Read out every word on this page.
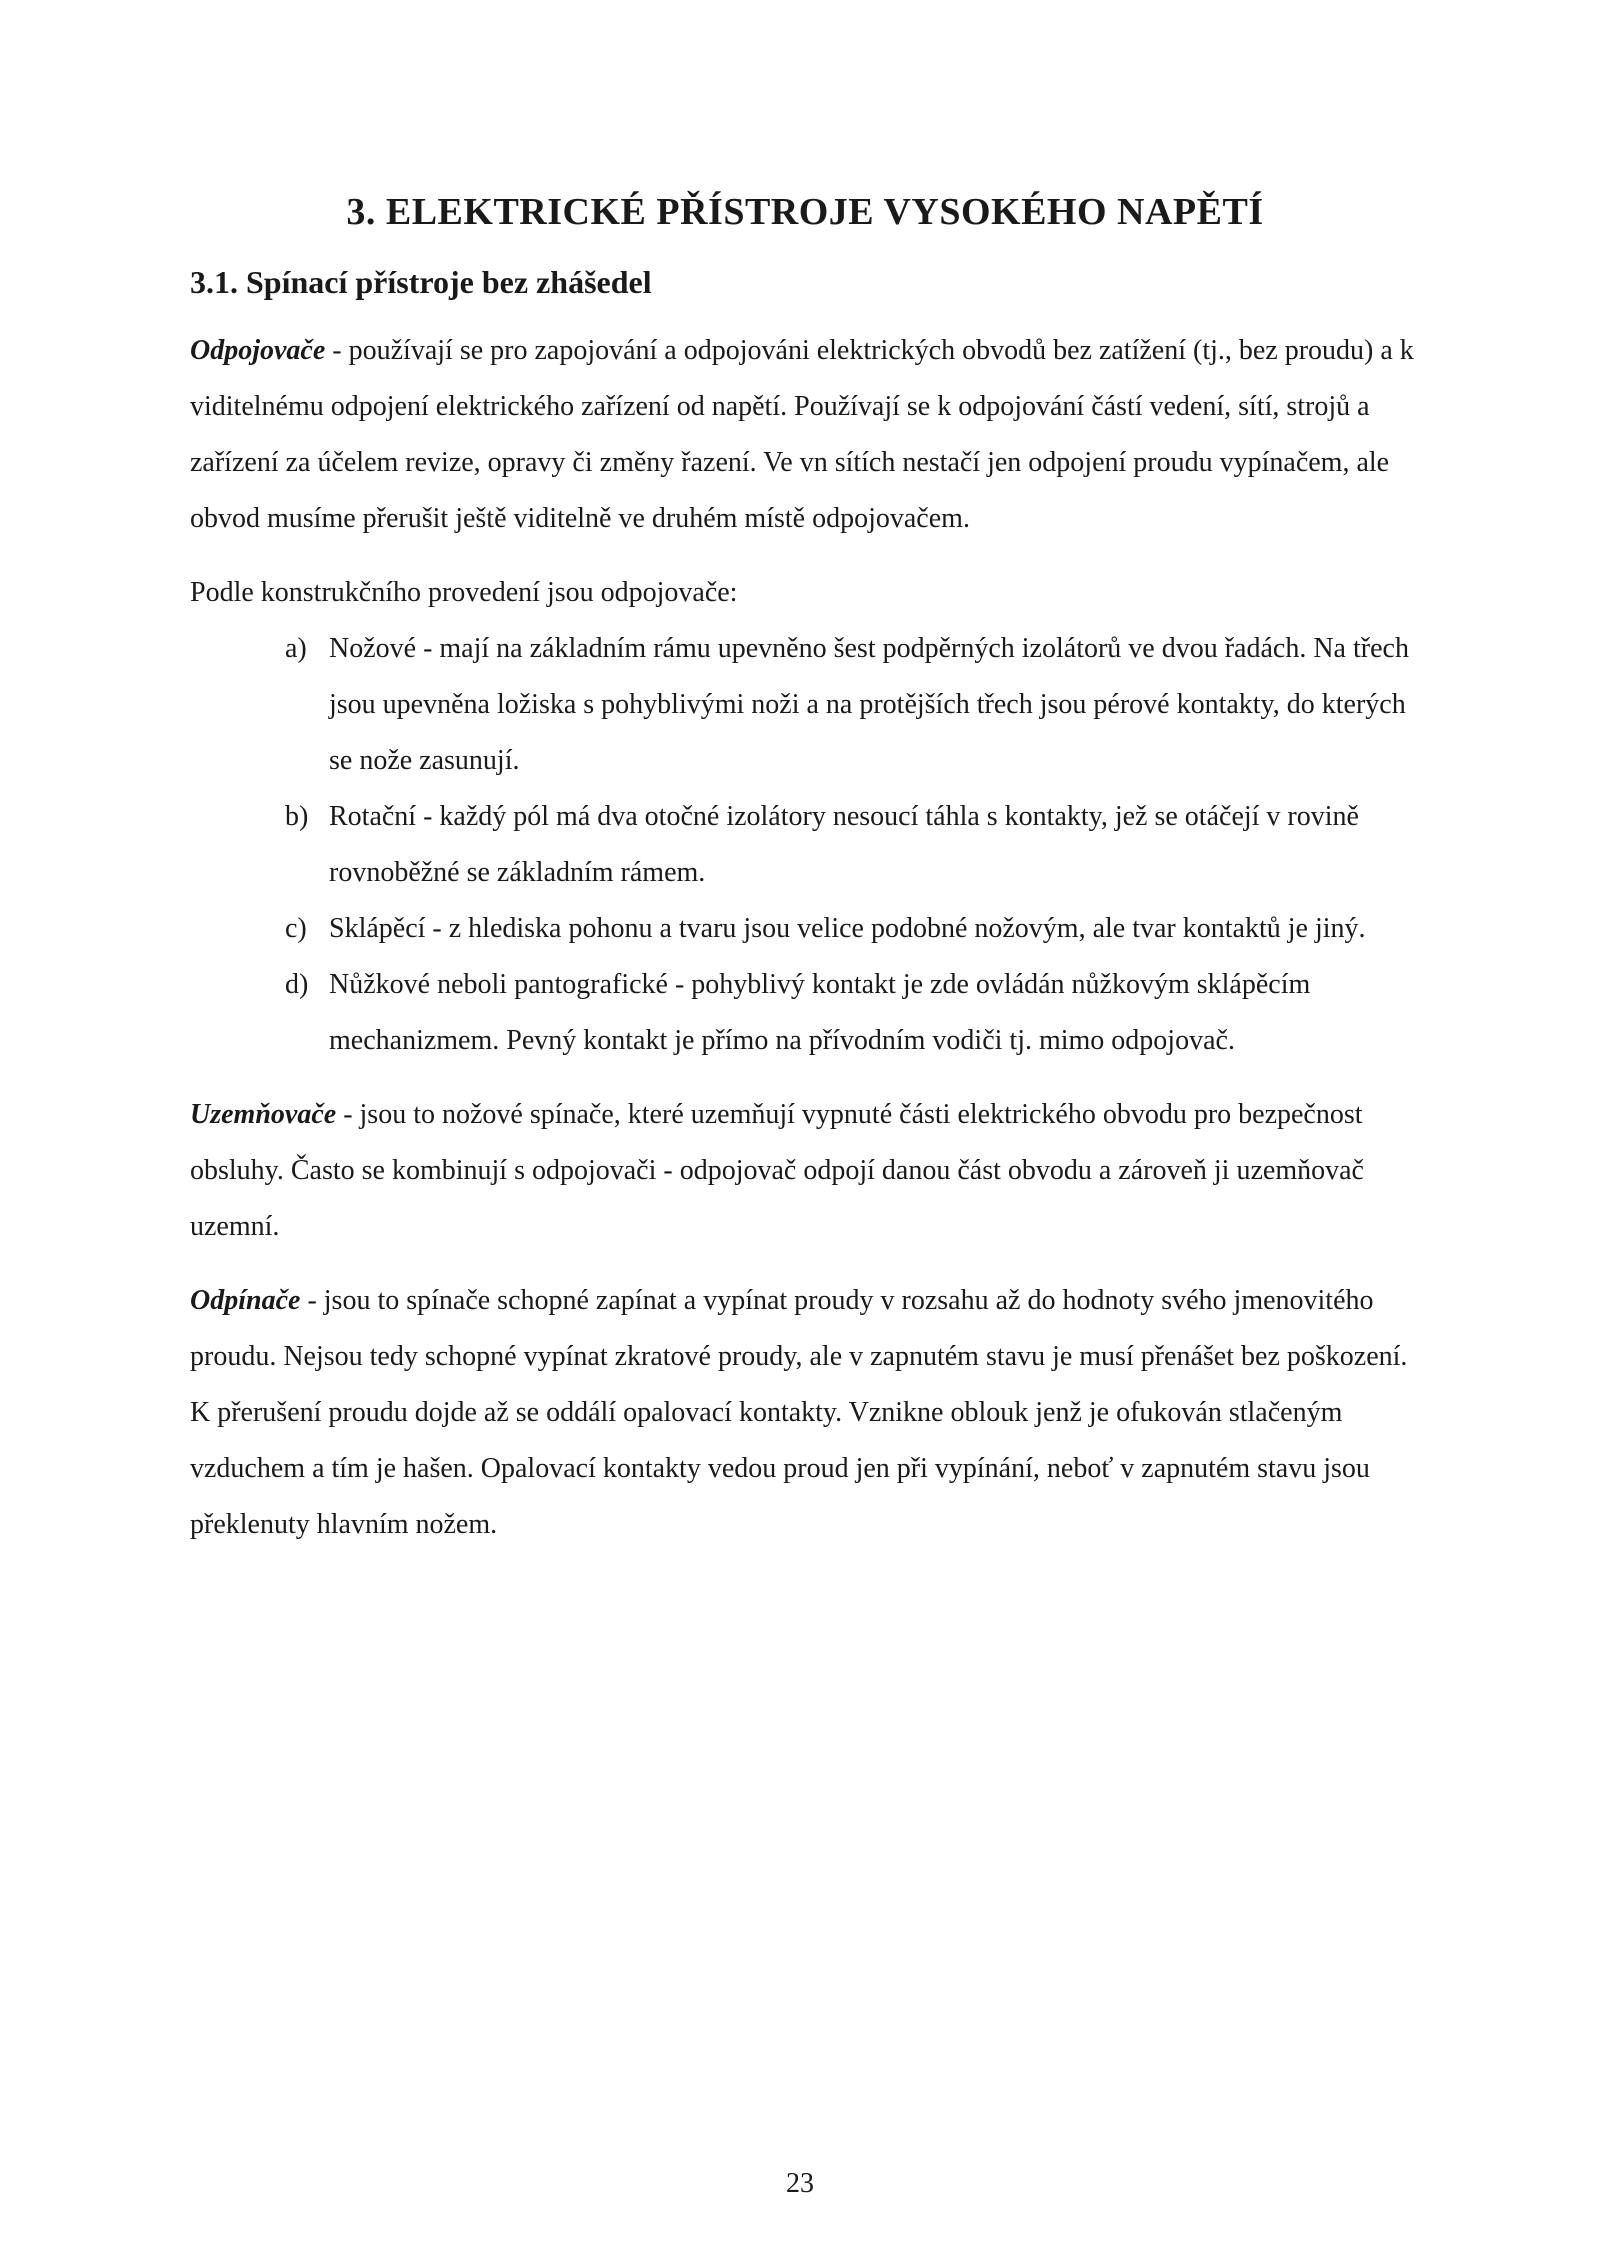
3. ELEKTRICKÉ PŘÍSTROJE VYSOKÉHO NAPĚTÍ
3.1. Spínací přístroje bez zhášedel

Odpojovače - používají se pro zapojování a odpojováni elektrických obvodů bez zatížení (tj., bez proudu) a k viditelnému odpojení elektrického zařízení od napětí. Používají se k odpojování částí vedení, sítí, strojů a zařízení za účelem revize, opravy či změny řazení. Ve vn sítích nestačí jen odpojení proudu vypínačem, ale obvod musíme přerušit ještě viditelně ve druhém místě odpojovačem.

Podle konstrukčního provedení jsou odpojovače:

a) Nožové - mají na základním rámu upevněno šest podpěrných izolátorů ve dvou řadách. Na třech jsou upevněna ložiska s pohyblivými noži a na protějších třech jsou pérové kontakty, do kterých se nože zasunují.
b) Rotační - každý pól má dva otočné izolátory nesoucí táhla s kontakty, jež se otáčejí v rovině rovnoběžné se základním rámem.
c) Sklápěcí - z hlediska pohonu a tvaru jsou velice podobné nožovým, ale tvar kontaktů je jiný.
d) Nůžkové neboli pantografické - pohyblivý kontakt je zde ovládán nůžkovým sklápěcím mechanizmem. Pevný kontakt je přímo na přívodním vodiči tj. mimo odpojovač.

Uzemňovače - jsou to nožové spínače, které uzemňují vypnuté části elektrického obvodu pro bezpečnost obsluhy. Často se kombinují s odpojovači - odpojovač odpojí danou část obvodu a zároveň ji uzemňovač uzemní.

Odpínače - jsou to spínače schopné zapínat a vypínat proudy v rozsahu až do hodnoty svého jmenovitého proudu. Nejsou tedy schopné vypínat zkratové proudy, ale v zapnutém stavu je musí přenášet bez poškození. K přerušení proudu dojde až se oddálí opalovací kontakty. Vznikne oblouk jenž je ofukován stlačeným vzduchem a tím je hašen. Opalovací kontakty vedou proud jen při vypínání, neboť v zapnutém stavu jsou překlenuty hlavním nožem.

23
